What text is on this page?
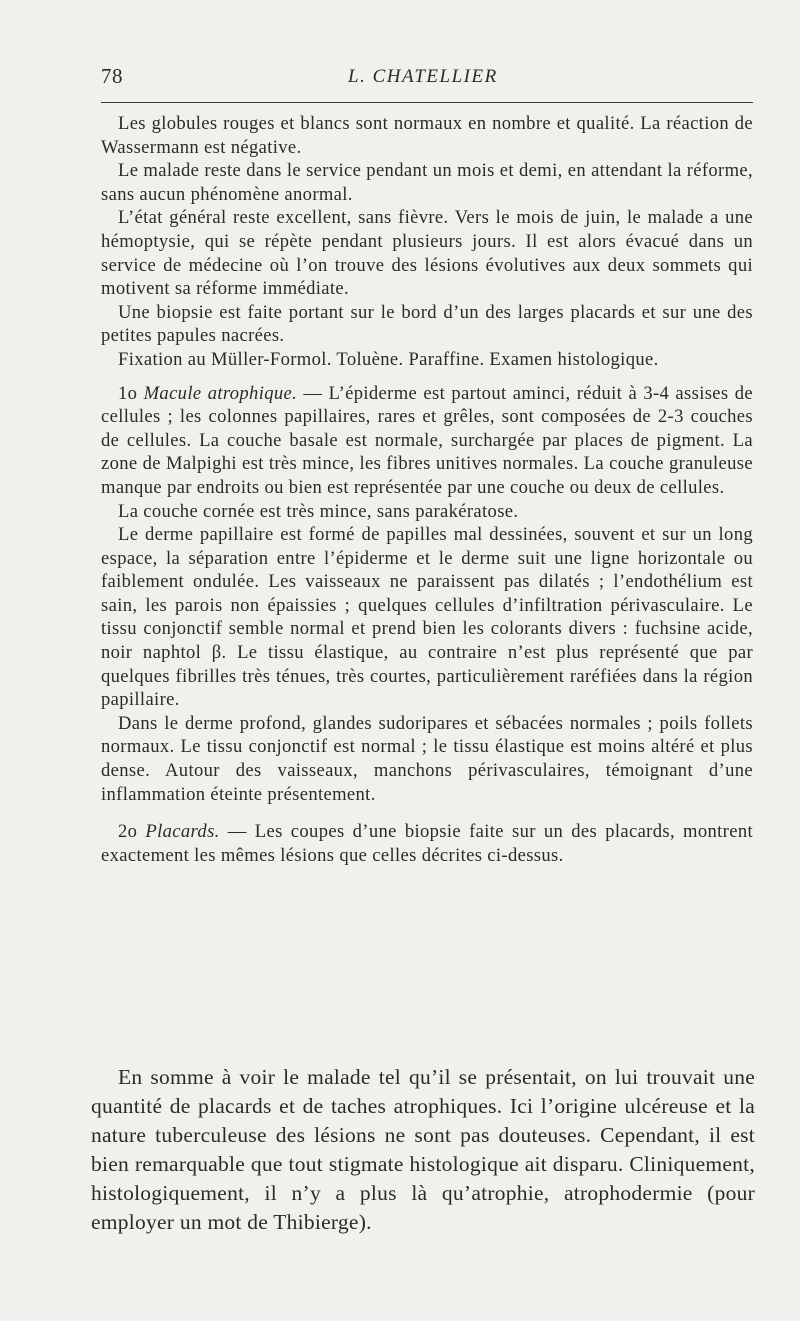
78	L. CHATELLIER

Les globules rouges et blancs sont normaux en nombre et qualité. La réaction de Wassermann est négative.

Le malade reste dans le service pendant un mois et demi, en attendant la réforme, sans aucun phénomène anormal.

L’état général reste excellent, sans fièvre. Vers le mois de juin, le malade a une hémoptysie, qui se répète pendant plusieurs jours. Il est alors évacué dans un service de médecine où l’on trouve des lésions évolutives aux deux sommets qui motivent sa réforme immédiate.

Une biopsie est faite portant sur le bord d’un des larges placards et sur une des petites papules nacrées.

Fixation au Müller-Formol. Toluène. Paraffine. Examen histologique.

1o Macule atrophique. — L’épiderme est partout aminci, réduit à 3-4 assises de cellules ; les colonnes papillaires, rares et grêles, sont composées de 2-3 couches de cellules. La couche basale est normale, surchargée par places de pigment. La zone de Malpighi est très mince, les fibres unitives normales. La couche granuleuse manque par endroits ou bien est représentée par une couche ou deux de cellules.

La couche cornée est très mince, sans parakératose.

Le derme papillaire est formé de papilles mal dessinées, souvent et sur un long espace, la séparation entre l’épiderme et le derme suit une ligne horizontale ou faiblement ondulée. Les vaisseaux ne paraissent pas dilatés ; l’endothélium est sain, les parois non épaissies ; quelques cellules d’infiltration périvasculaire. Le tissu conjonctif semble normal et prend bien les colorants divers : fuchsine acide, noir naphtol β. Le tissu élastique, au contraire n’est plus représenté que par quelques fibrilles très ténues, très courtes, particulièrement raréfiées dans la région papillaire.

Dans le derme profond, glandes sudoripares et sébacées normales ; poils follets normaux. Le tissu conjonctif est normal ; le tissu élastique est moins altéré et plus dense. Autour des vaisseaux, manchons périvasculaires, témoignant d’une inflammation éteinte présentement.

2o Placards. — Les coupes d’une biopsie faite sur un des placards, montrent exactement les mêmes lésions que celles décrites ci-dessus.

En somme à voir le malade tel qu’il se présentait, on lui trouvait une quantité de placards et de taches atrophiques. Ici l’origine ulcéreuse et la nature tuberculeuse des lésions ne sont pas douteuses. Cependant, il est bien remarquable que tout stigmate histologique ait disparu. Cliniquement, histologiquement, il n’y a plus là qu’atrophie, atrophodermie (pour employer un mot de Thibierge).
